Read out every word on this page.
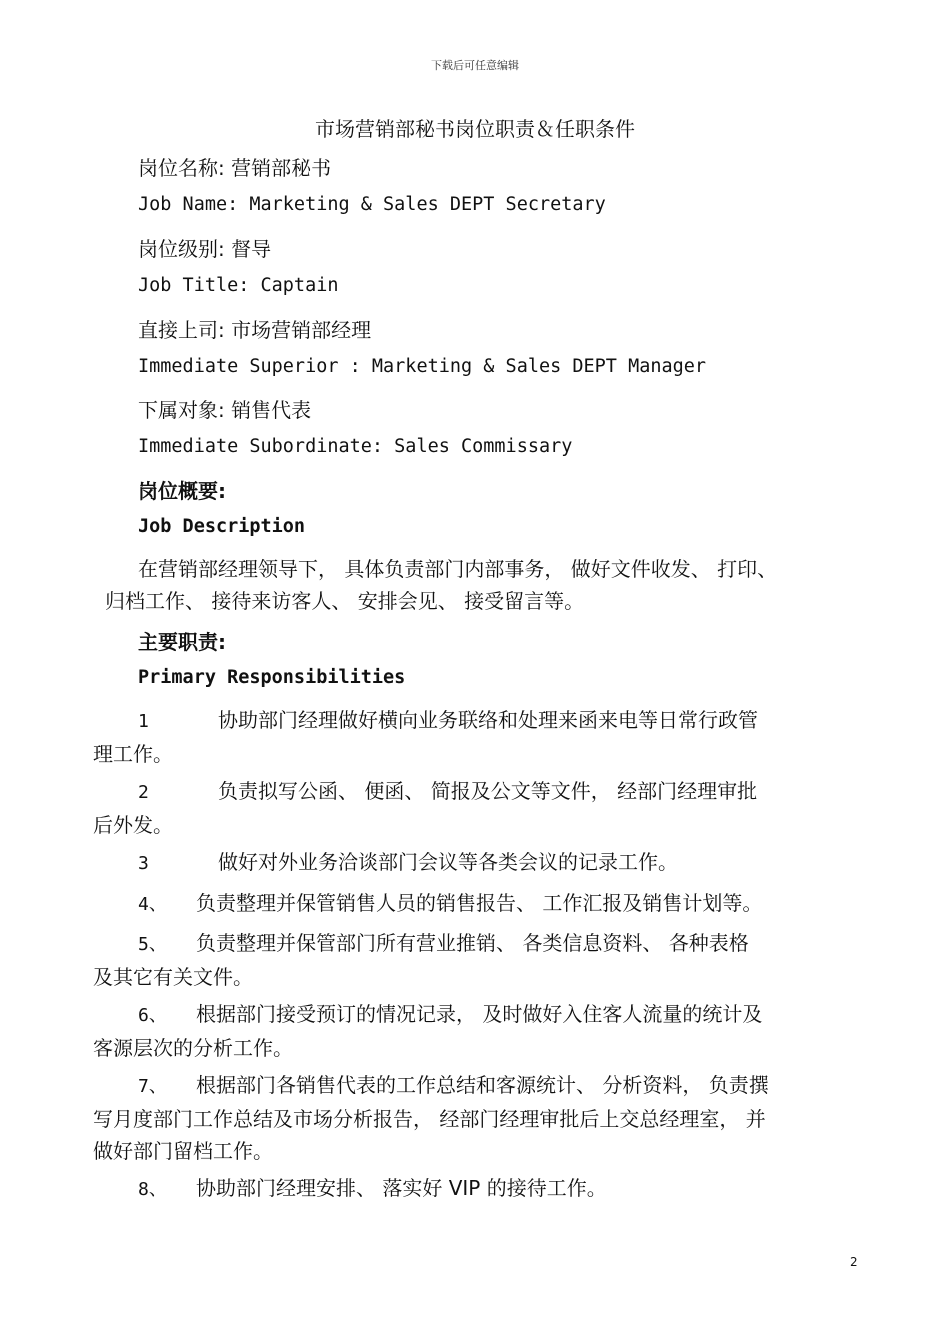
下载后可任意编辑
市场营销部秘书岗位职责＆任职条件
岗位名称: 营销部秘书
Job Name: Marketing & Sales DEPT Secretary
岗位级别: 督导
Job Title: Captain
直接上司: 市场营销部经理
Immediate Superior : Marketing & Sales DEPT Manager
下属对象: 销售代表
Immediate Subordinate: Sales Commissary
岗位概要:
Job Description
在营销部经理领导下， 具体负责部门内部事务， 做好文件收发、 打印、
归档工作、 接待来访客人、 安排会见、 接受留言等。
主要职责:
Primary Responsibilities
1	协助部门经理做好横向业务联络和处理来函来电等日常行政管
理工作。
2	负责拟写公函、 便函、 简报及公文等文件， 经部门经理审批
后外发。
3	做好对外业务洽谈部门会议等各类会议的记录工作。
4、 负责整理并保管销售人员的销售报告、 工作汇报及销售计划等。
5、 负责整理并保管部门所有营业推销、 各类信息资料、 各种表格
及其它有关文件。
6、 根据部门接受预订的情况记录， 及时做好入住客人流量的统计及
客源层次的分析工作。
7、 根据部门各销售代表的工作总结和客源统计、 分析资料， 负责撰
写月度部门工作总结及市场分析报告， 经部门经理审批后上交总经理室， 并
做好部门留档工作。
8、 协助部门经理安排、 落实好 VIP 的接待工作。
2
